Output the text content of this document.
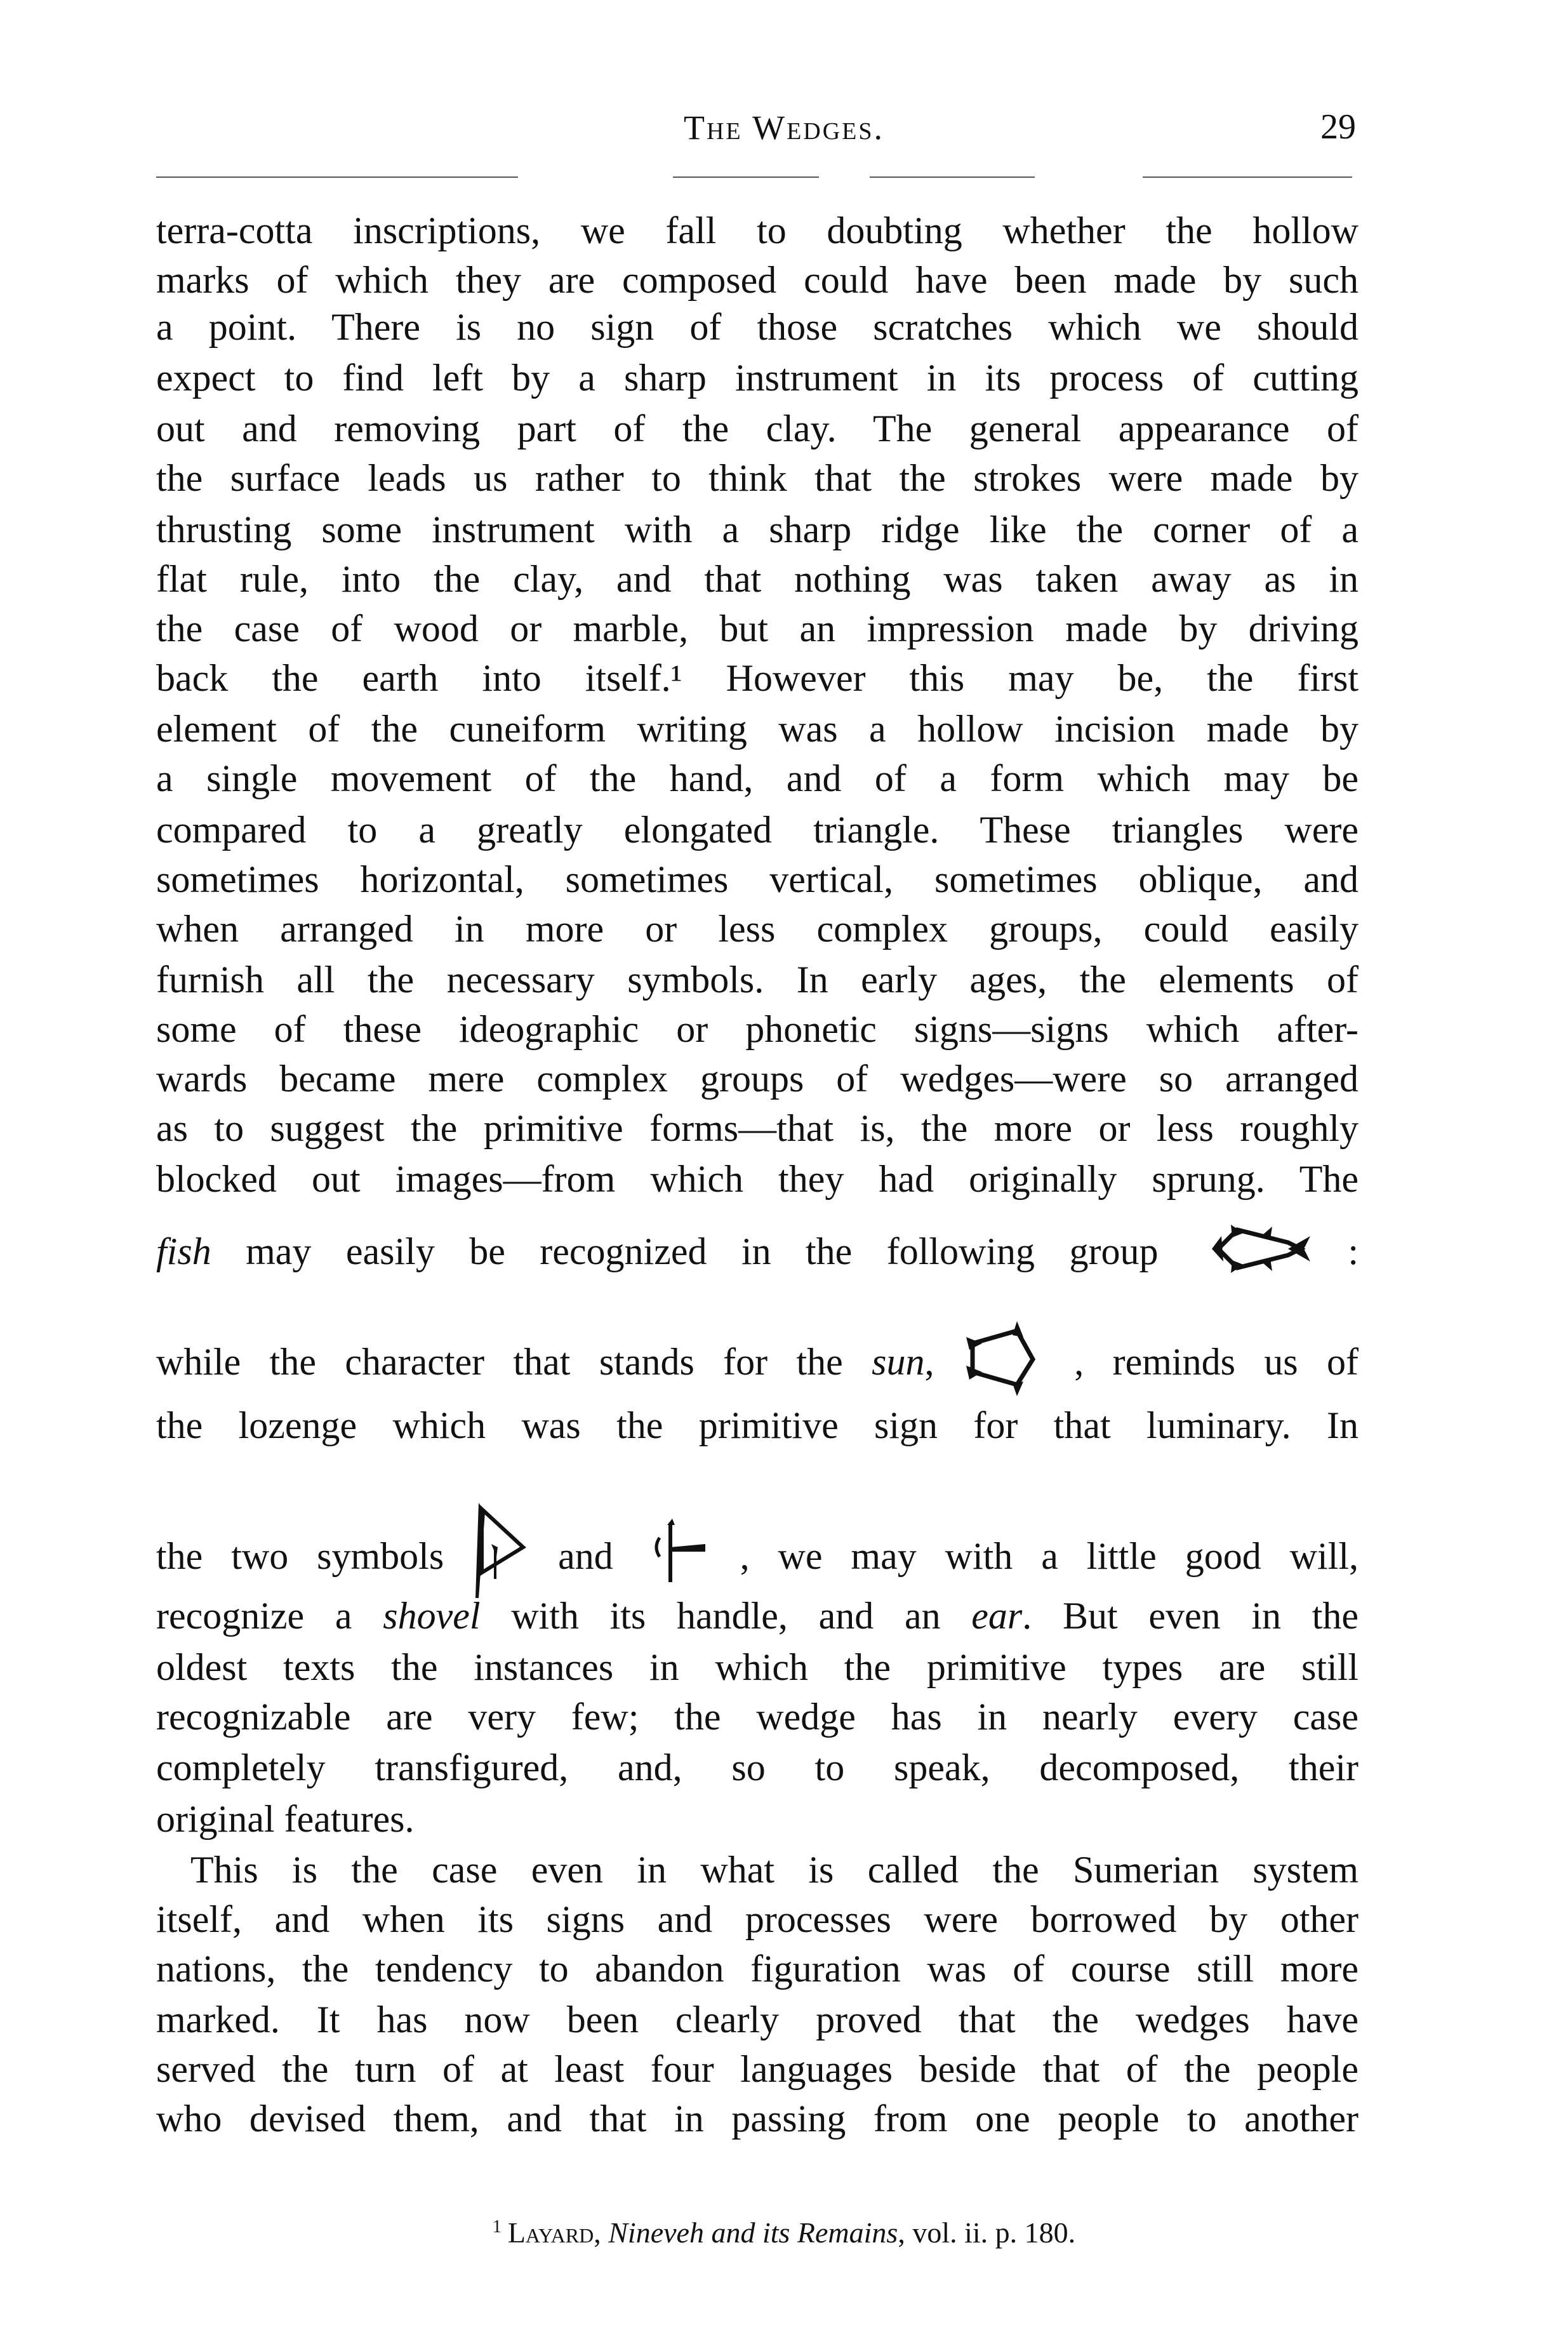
The Wedges.	29
terra-cotta inscriptions, we fall to doubting whether the hollow
marks of which they are composed could have been made by such
a point. There is no sign of those scratches which we should
expect to find left by a sharp instrument in its process of cutting
out and removing part of the clay. The general appearance of
the surface leads us rather to think that the strokes were made by
thrusting some instrument with a sharp ridge like the corner of a
flat rule, into the clay, and that nothing was taken away as in
the case of wood or marble, but an impression made by driving
back the earth into itself.¹ However this may be, the first
element of the cuneiform writing was a hollow incision made by
a single movement of the hand, and of a form which may be
compared to a greatly elongated triangle. These triangles were
sometimes horizontal, sometimes vertical, sometimes oblique, and
when arranged in more or less complex groups, could easily
furnish all the necessary symbols. In early ages, the elements of
some of these ideographic or phonetic signs—signs which after-
wards became mere complex groups of wedges—were so arranged
as to suggest the primitive forms—that is, the more or less roughly
blocked out images—from which they had originally sprung. The
fish may easily be recognized in the following group	:
while the character that stands for the sun,  , reminds us of
the lozenge which was the primitive sign for that luminary. In
the two symbols  and  , we may with a little good will,
recognize a shovel with its handle, and an ear. But even in the
oldest texts the instances in which the primitive types are still
recognizable are very few; the wedge has in nearly every case
completely transfigured, and, so to speak, decomposed, their
original features.
This is the case even in what is called the Sumerian system
itself, and when its signs and processes were borrowed by other
nations, the tendency to abandon figuration was of course still more
marked. It has now been clearly proved that the wedges have
served the turn of at least four languages beside that of the people
who devised them, and that in passing from one people to another
$^1$ Layard, Nineveh and its Remains, vol. ii. p. 180.
